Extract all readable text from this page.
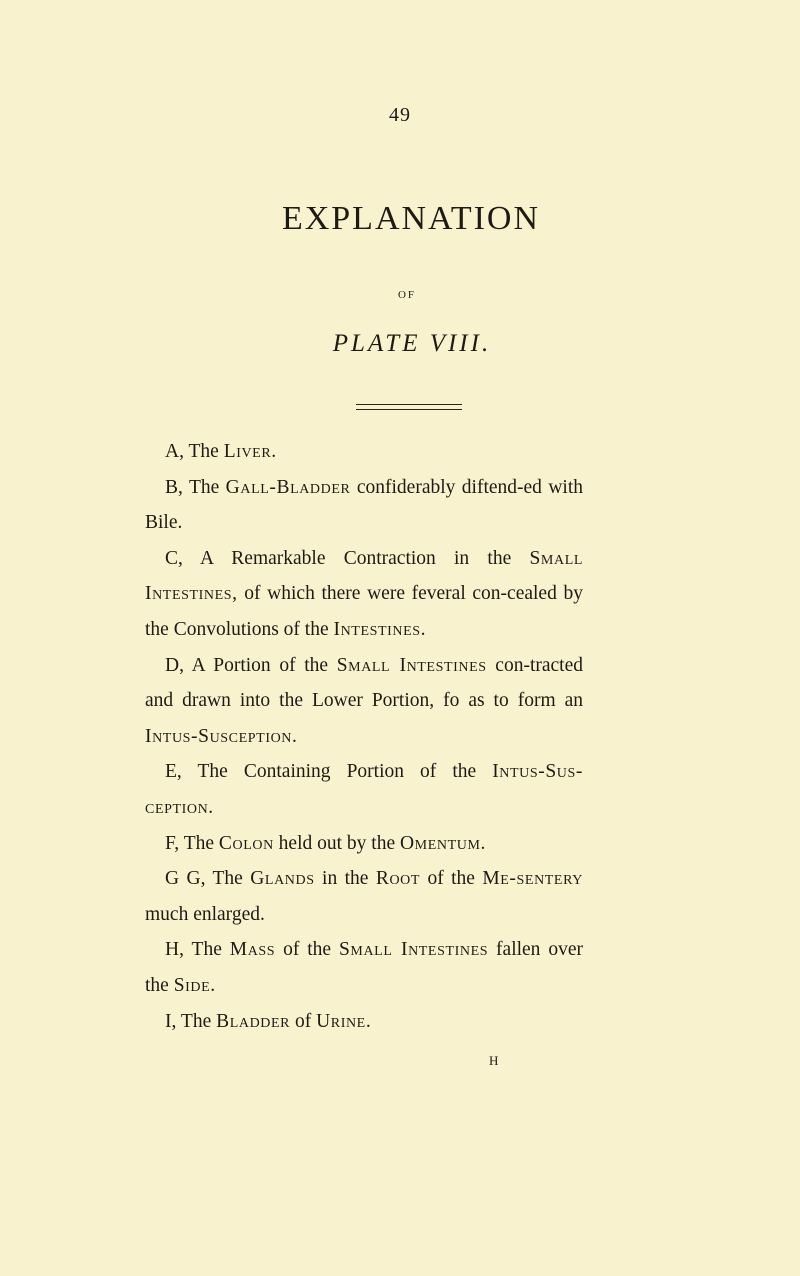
49
EXPLANATION
OF
PLATE VIII.

A, The Liver.

B, The Gall-Bladder confiderably diftend-ed with Bile.

C, A Remarkable Contraction in the Small Intestines, of which there were feveral con-cealed by the Convolutions of the Intestines.

D, A Portion of the Small Intestines con-tracted and drawn into the Lower Portion, fo as to form an Intus-Susception.

E, The Containing Portion of the Intus-Sus-ception.

F, The Colon held out by the Omentum.

G G, The Glands in the Root of the Me-sentery much enlarged.

H, The Mass of the Small Intestines fallen over the Side.

I, The Bladder of Urine.

H
